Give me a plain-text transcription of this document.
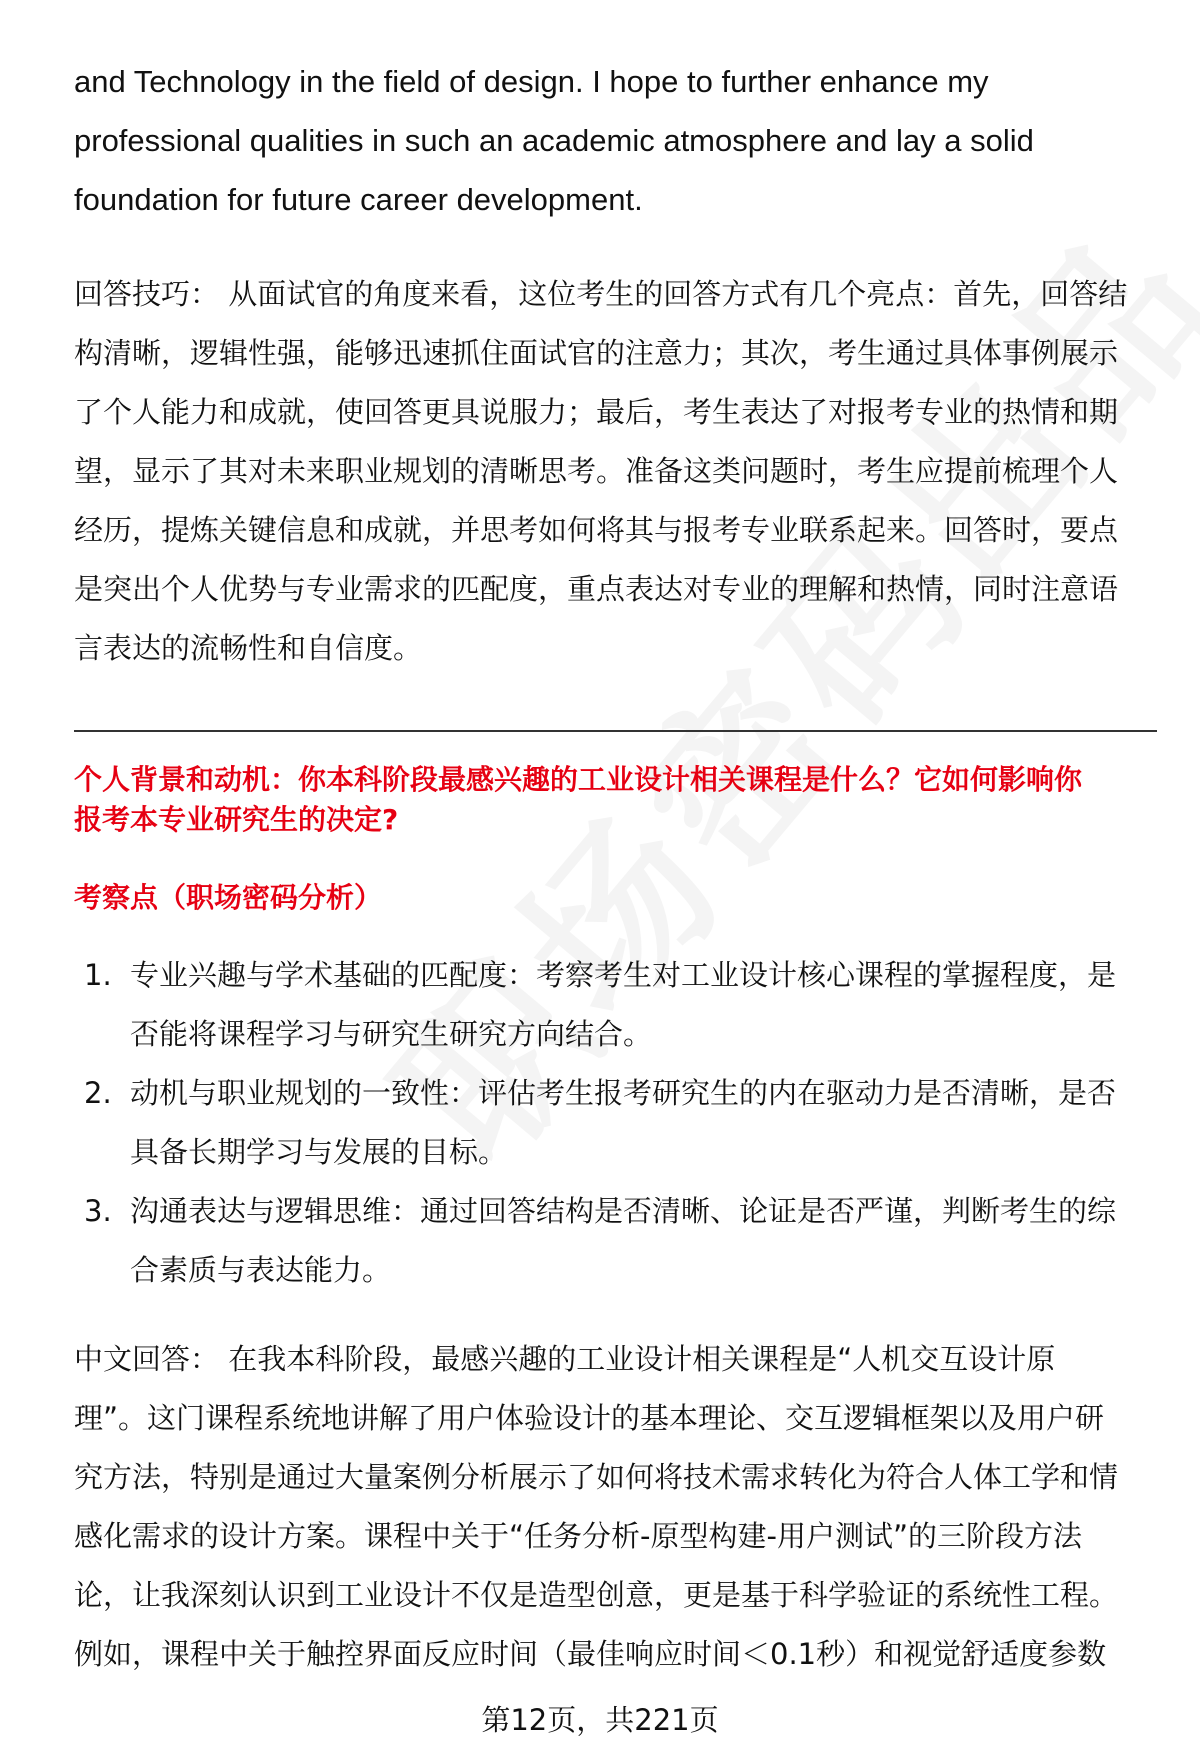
and Technology in the field of design. I hope to further enhance my

professional qualities in such an academic atmosphere and lay a solid

foundation for future career development.

回答技巧： 从面试官的角度来看，这位考生的回答方式有几个亮点：首先，回答结

构清晰，逻辑性强，能够迅速抓住面试官的注意力；其次，考生通过具体事例展示

了个人能力和成就，使回答更具说服力；最后，考生表达了对报考专业的热情和期

望，显示了其对未来职业规划的清晰思考。准备这类问题时，考生应提前梳理个人

经历，提炼关键信息和成就，并思考如何将其与报考专业联系起来。回答时，要点

是突出个人优势与专业需求的匹配度，重点表达对专业的理解和热情，同时注意语

言表达的流畅性和自信度。

个人背景和动机：你本科阶段最感兴趣的工业设计相关课程是什么？它如何影响你
报考本专业研究生的决定?

考察点（职场密码分析）

1. 专业兴趣与学术基础的匹配度：考察考生对工业设计核心课程的掌握程度，是
否能将课程学习与研究生研究方向结合。
2. 动机与职业规划的一致性：评估考生报考研究生的内在驱动力是否清晰，是否
具备长期学习与发展的目标。
3. 沟通表达与逻辑思维：通过回答结构是否清晰、论证是否严谨，判断考生的综
合素质与表达能力。

中文回答： 在我本科阶段，最感兴趣的工业设计相关课程是“人机交互设计原

理”。这门课程系统地讲解了用户体验设计的基本理论、交互逻辑框架以及用户研

究方法，特别是通过大量案例分析展示了如何将技术需求转化为符合人体工学和情

感化需求的设计方案。课程中关于“任务分析-原型构建-用户测试”的三阶段方法

论，让我深刻认识到工业设计不仅是造型创意，更是基于科学验证的系统性工程。

例如，课程中关于触控界面反应时间（最佳响应时间＜0.1秒）和视觉舒适度参数

第12页，共221页
